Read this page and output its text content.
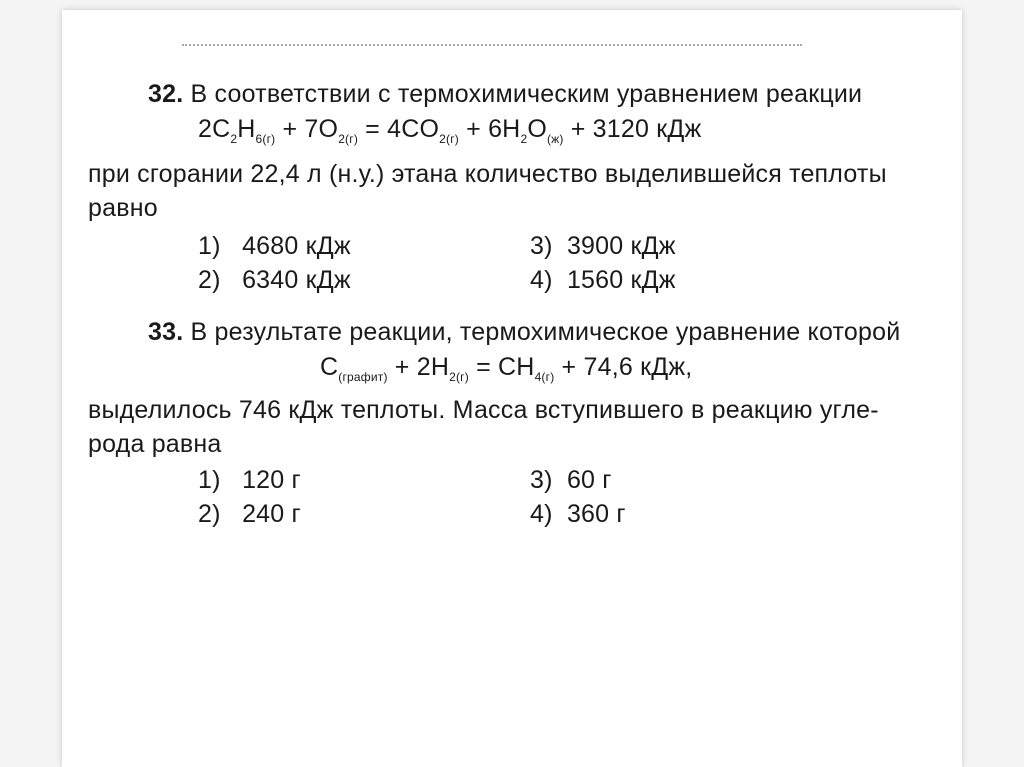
32. В соответствии с термохимическим уравнением реакции
$2C_2H_{6(г)} + 7O_{2(г)} = 4CO_{2(г)} + 6H_2O_{(ж)} + 3120$ кДж
при сгорании 22,4 л (н.у.) этана количество выделившейся теплоты
равно
1) 4680 кДж	3) 3900 кДж
2) 6340 кДж	4) 1560 кДж
33. В результате реакции, термохимическое уравнение которой
$C_{(графит)} + 2H_{2(г)} = CH_{4(г)} + 74,6$ кДж,
выделилось 746 кДж теплоты. Масса вступившего в реакцию угле-
рода равна
1) 120 г	3) 60 г
2) 240 г	4) 360 г
